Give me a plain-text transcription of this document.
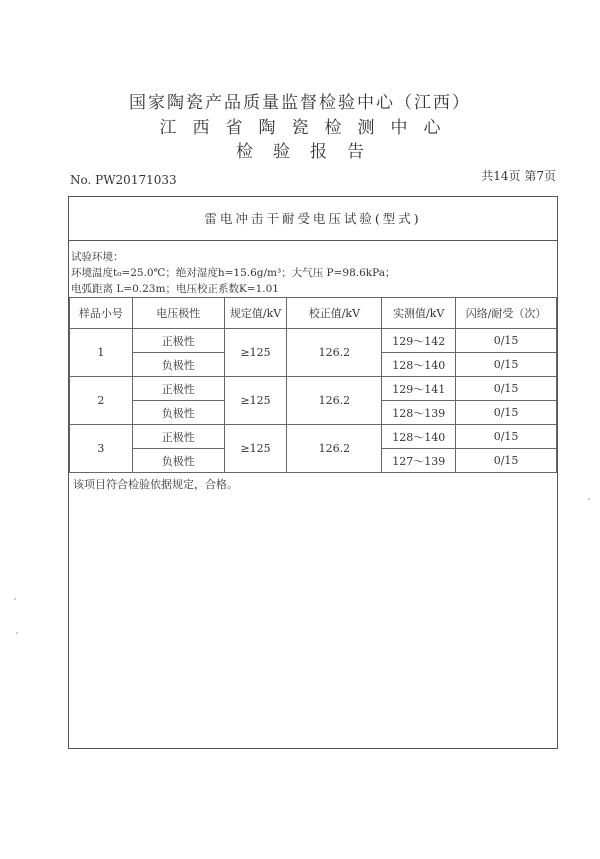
国家陶瓷产品质量监督检验中心（江西）
江西省陶瓷检测中心
检验报告
No. PW20171033	共14页 第7页
雷电冲击干耐受电压试验(型式)
试验环境：
环境温度t₀=25.0℃；绝对湿度h=15.6g/m³；大气压 P=98.6kPa；
电弧距离 L=0.23m；电压校正系数K=1.01
样品小号	电压极性	规定值/kV	校正值/kV	实测值/kV	闪络/耐受（次）
1	正极性	≥125	126.2	129～142	0/15
	负极性			128～140	0/15
2	正极性	≥125	126.2	129～141	0/15
	负极性			128～139	0/15
3	正极性	≥125	126.2	128～140	0/15
	负极性			127～139	0/15
该项目符合检验依据规定，合格。
